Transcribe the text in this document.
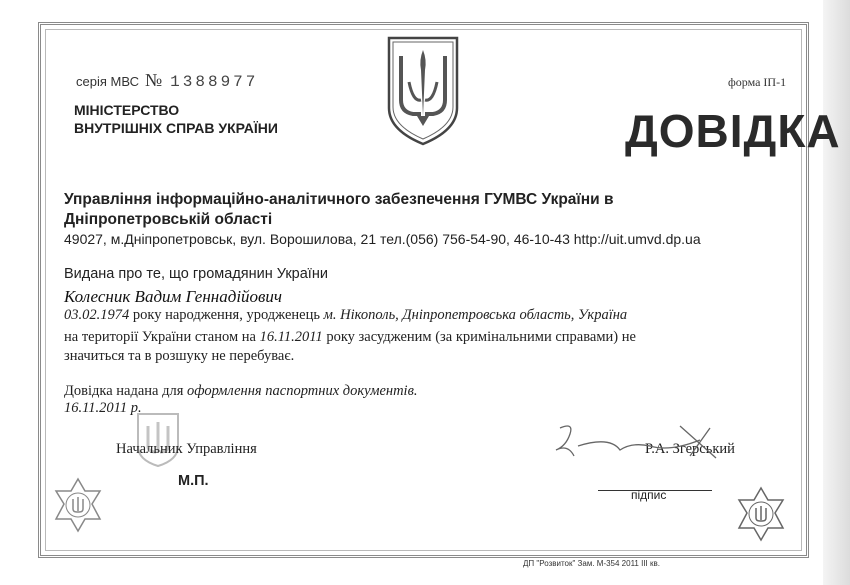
серія МВС № 1388977
МІНІСТЕРСТВО
ВНУТРІШНІХ СПРАВ УКРАЇНИ
форма ІП-1
ДОВІДКА
Управління інформаційно-аналітичного забезпечення ГУМВС України в
Дніпропетровській області
49027, м.Дніпропетровськ, вул. Ворошилова, 21 тел.(056) 756-54-90, 46-10-43 http://uit.umvd.dp.ua
Видана про те, що громадянин України
Колесник Вадим Геннадійович
03.02.1974 року народження, уродженець м. Нікополь, Дніпропетровська область, Україна
на території України станом на 16.11.2011 року засудженим (за кримінальними справами) не
значиться та в розшуку не перебуває.
Довідка надана для оформлення паспортних документів.
16.11.2011 р.
Начальник Управління	Р.А. Згерський
М.П.
підпис
ДП "Розвиток" Зам. М-354 2011 ІІІ кв.
